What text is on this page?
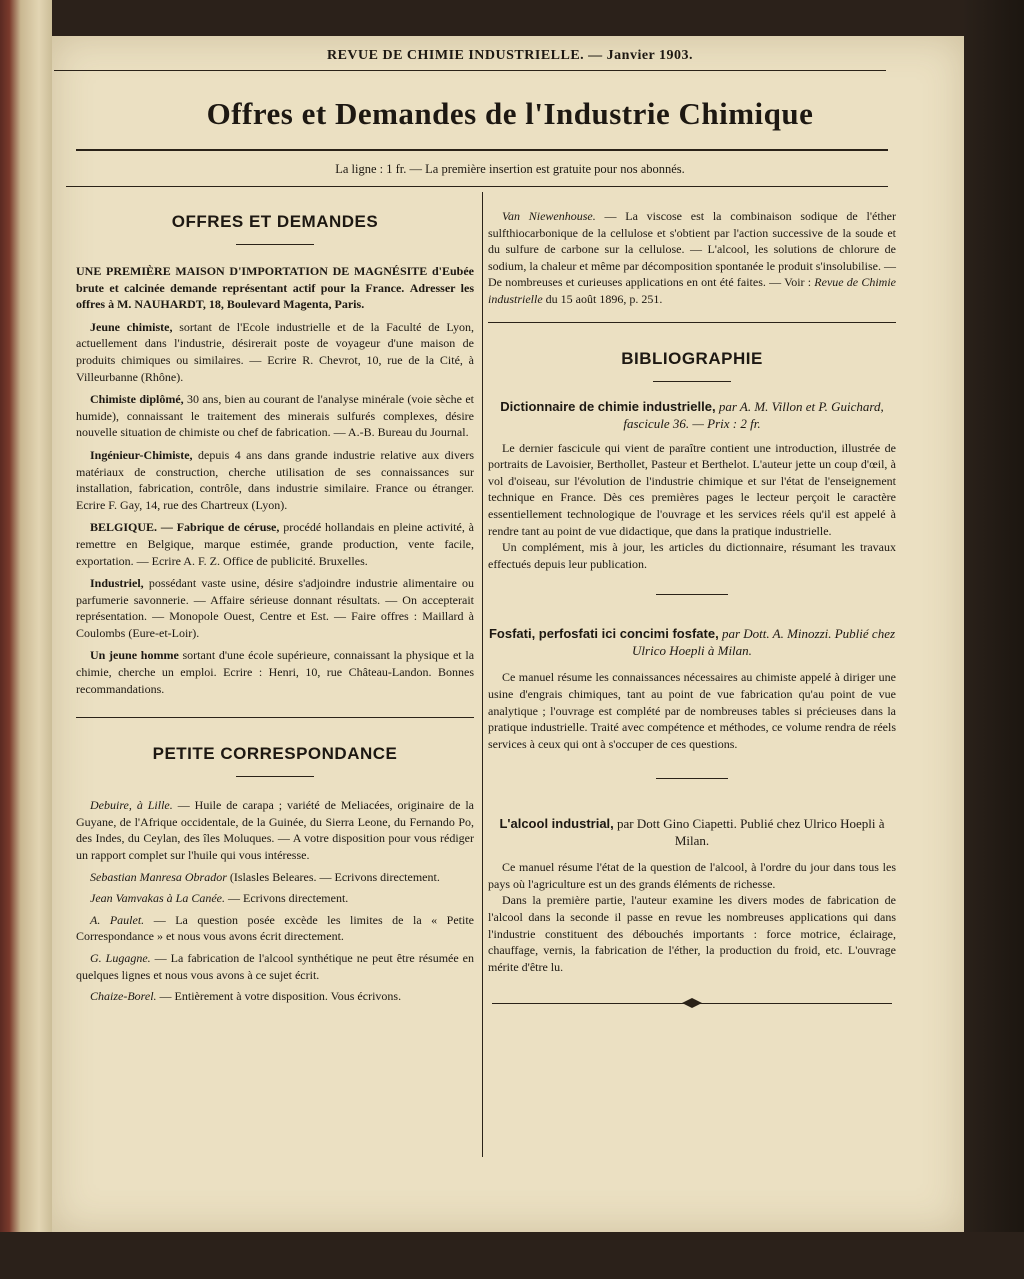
REVUE DE CHIMIE INDUSTRIELLE. — Janvier 1903.
Offres et Demandes de l'Industrie Chimique
La ligne : 1 fr. — La première insertion est gratuite pour nos abonnés.
OFFRES ET DEMANDES

UNE PREMIÈRE MAISON D'IMPORTATION DE MAGNÉSITE d'Eubée brute et calcinée demande représentant actif pour la France. Adresser les offres à M. NAUHARDT, 18, Boulevard Magenta, Paris.

Jeune chimiste, sortant de l'Ecole industrielle et de la Faculté de Lyon, actuellement dans l'industrie, désirerait poste de voyageur d'une maison de produits chimiques ou similaires. — Ecrire R. Chevrot, 10, rue de la Cité, à Villeurbanne (Rhône).

Chimiste diplômé, 30 ans, bien au courant de l'analyse minérale (voie sèche et humide), connaissant le traitement des minerais sulfurés complexes, désire nouvelle situation de chimiste ou chef de fabrication. — A.-B. Bureau du Journal.

Ingénieur-Chimiste, depuis 4 ans dans grande industrie relative aux divers matériaux de construction, cherche utilisation de ses connaissances sur installation, fabrication, contrôle, dans industrie similaire. France ou étranger. Ecrire F. Gay, 14, rue des Chartreux (Lyon).

BELGIQUE. — Fabrique de céruse, procédé hollandais en pleine activité, à remettre en Belgique, marque estimée, grande production, vente facile, exportation. — Ecrire A. F. Z. Office de publicité. Bruxelles.

Industriel, possédant vaste usine, désire s'adjoindre industrie alimentaire ou parfumerie savonnerie. — Affaire sérieuse donnant résultats. — On accepterait représentation. — Monopole Ouest, Centre et Est. — Faire offres : Maillard à Coulombs (Eure-et-Loir).

Un jeune homme sortant d'une école supérieure, connaissant la physique et la chimie, cherche un emploi. Ecrire : Henri, 10, rue Château-Landon. Bonnes recommandations.

PETITE CORRESPONDANCE

Debuire, à Lille. — Huile de carapa ; variété de Meliacées, originaire de la Guyane, de l'Afrique occidentale, de la Guinée, du Sierra Leone, du Fernando Po, des Indes, du Ceylan, des îles Moluques. — A votre disposition pour vous rédiger un rapport complet sur l'huile qui vous intéresse.

Sebastian Manresa Obrador (Islasles Beleares. — Ecrivons directement.

Jean Vamvakas à La Canée. — Ecrivons directement.

A. Paulet. — La question posée excède les limites de la « Petite Correspondance » et nous vous avons écrit directement.

G. Lugagne. — La fabrication de l'alcool synthétique ne peut être résumée en quelques lignes et nous vous avons à ce sujet écrit.

Chaize-Borel. — Entièrement à votre disposition. Vous écrivons.

Van Niewenhouse. — La viscose est la combinaison sodique de l'éther sulfthiocarbonique de la cellulose et s'obtient par l'action successive de la soude et du sulfure de carbone sur la cellulose. — L'alcool, les solutions de chlorure de sodium, la chaleur et même par décomposition spontanée le produit s'insolubilise. — De nombreuses et curieuses applications en ont été faites. — Voir : Revue de Chimie industrielle du 15 août 1896, p. 251.

BIBLIOGRAPHIE
Dictionnaire de chimie industrielle, par A. M. Villon et P. Guichard, fascicule 36. — Prix : 2 fr.

Le dernier fascicule qui vient de paraître contient une introduction, illustrée de portraits de Lavoisier, Berthollet, Pasteur et Berthelot. L'auteur jette un coup d'œil, à vol d'oiseau, sur l'évolution de l'industrie chimique et sur l'état de l'enseignement technique en France. Dès ces premières pages le lecteur perçoit le caractère essentiellement technologique de l'ouvrage et les services réels qu'il est appelé à rendre tant au point de vue didactique, que dans la pratique industrielle.

Un complément, mis à jour, les articles du dictionnaire, résumant les travaux effectués depuis leur publication.

Fosfati, perfosfati ici concimi fosfate, par Dott. A. Minozzi. Publié chez Ulrico Hoepli à Milan.

Ce manuel résume les connaissances nécessaires au chimiste appelé à diriger une usine d'engrais chimiques, tant au point de vue fabrication qu'au point de vue analytique ; l'ouvrage est complété par de nombreuses tables si précieuses dans la pratique industrielle. Traité avec compétence et méthodes, ce volume rendra de réels services à ceux qui ont à s'occuper de ces questions.

L'alcool industrial, par Dott Gino Ciapetti. Publié chez Ulrico Hoepli à Milan.

Ce manuel résume l'état de la question de l'alcool, à l'ordre du jour dans tous les pays où l'agriculture est un des grands éléments de richesse.

Dans la première partie, l'auteur examine les divers modes de fabrication de l'alcool dans la seconde il passe en revue les nombreuses applications qui dans l'industrie constituent des débouchés importants : force motrice, éclairage, chauffage, vernis, la fabrication de l'éther, la production du froid, etc. L'ouvrage mérite d'être lu.
